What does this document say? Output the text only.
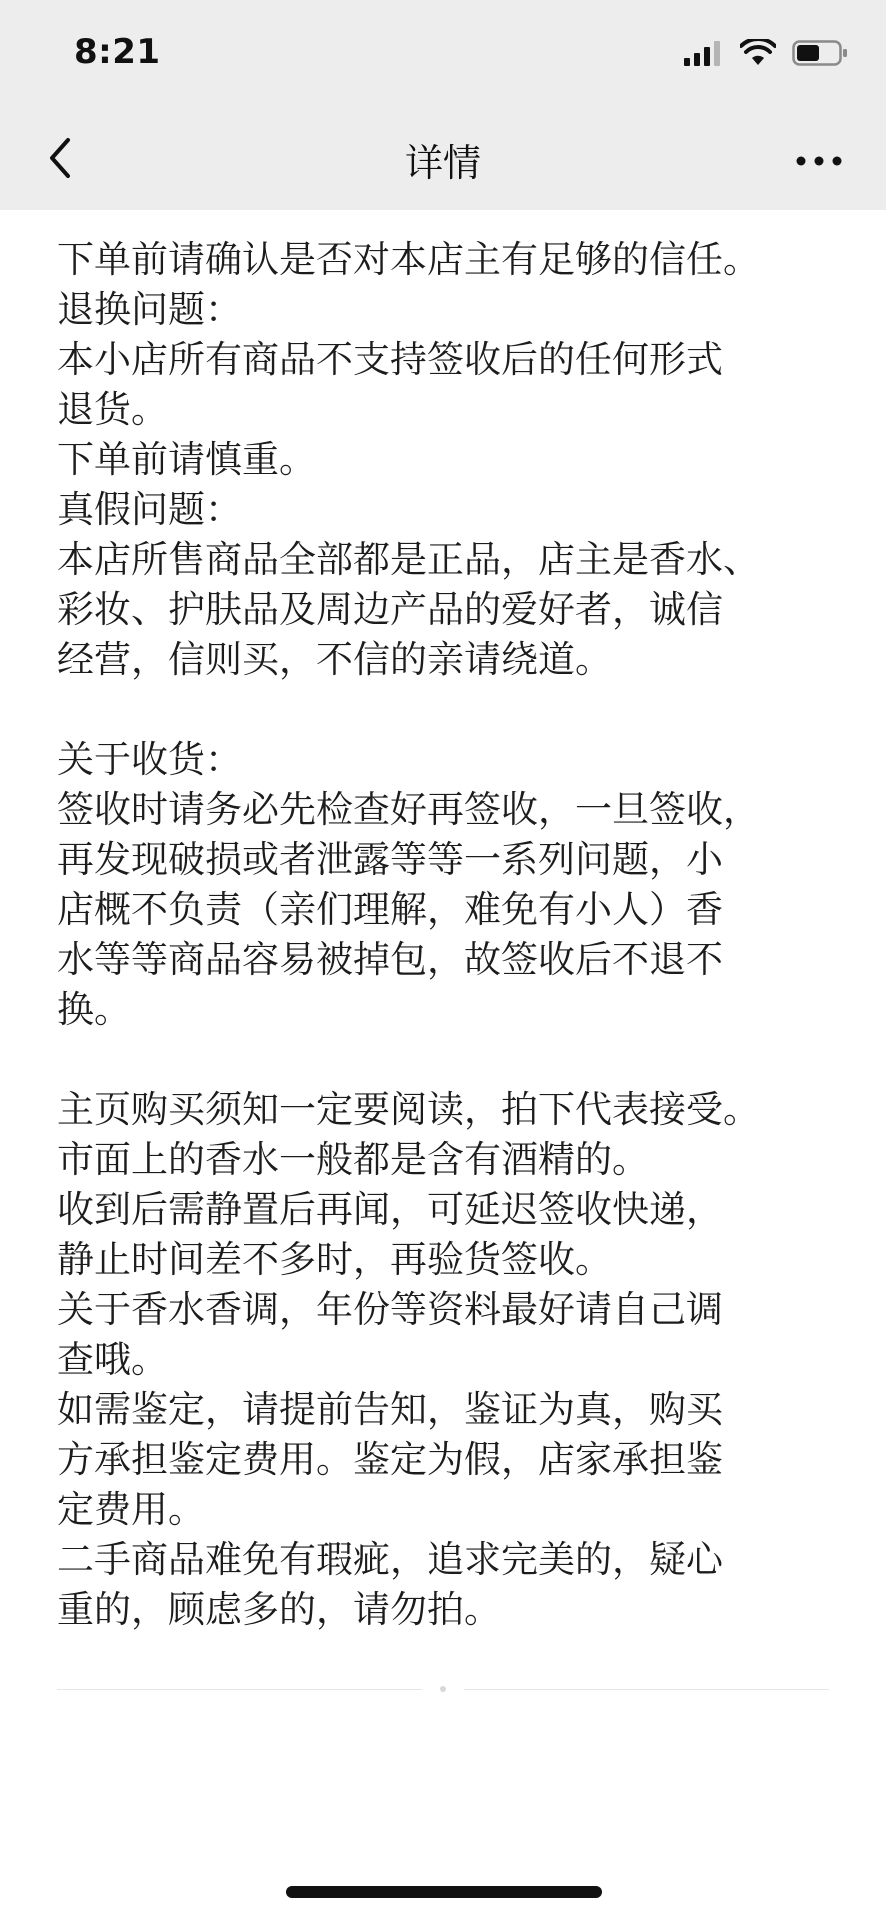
8:21
详情
下单前请确认是否对本店主有足够的信任。
退换问题：
本小店所有商品不支持签收后的任何形式
退货。
下单前请慎重。
真假问题：
本店所售商品全部都是正品，店主是香水、
彩妆、护肤品及周边产品的爱好者，诚信
经营，信则买，不信的亲请绕道。
关于收货：
签收时请务必先检查好再签收，一旦签收，
再发现破损或者泄露等等一系列问题，小
店概不负责（亲们理解，难免有小人）香
水等等商品容易被掉包，故签收后不退不
换。
主页购买须知一定要阅读，拍下代表接受。
市面上的香水一般都是含有酒精的。
收到后需静置后再闻，可延迟签收快递，
静止时间差不多时，再验货签收。
关于香水香调，年份等资料最好请自己调
查哦。
如需鉴定，请提前告知，鉴证为真，购买
方承担鉴定费用。鉴定为假，店家承担鉴
定费用。
二手商品难免有瑕疵，追求完美的，疑心
重的，顾虑多的，请勿拍。
